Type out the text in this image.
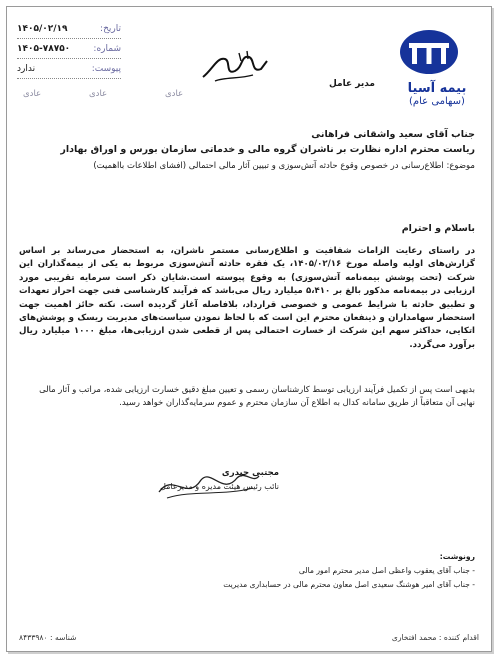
بیمه آسیا
(سهامی عام)
مدیر عامل
۱۴۰۵/۰۲/۱۹	تاریخ:
۱۴۰۵-۷۸۷۵۰	شماره:
ندارد	پیوست:
عادی	عادی	عادی
جناب آقای سعید واشقانی فراهانی
ریاست محترم اداره نظارت بر ناشران گروه مالی و خدماتی سازمان بورس و اوراق بهادار
موضوع: اطلاع‌رسانی در خصوص وقوع حادثه آتش‌سوزی و تبیین آثار مالی احتمالی (افشای اطلاعات بااهمیت)
باسلام و احترام
در راستای رعایت الزامات شفافیت و اطلاع‌رسانی مستمر ناشران، به استحضار می‌رساند بر اساس گزارش‌های اولیه واصله مورخ ۱۴۰۵/۰۲/۱۶، یک فقره حادثه آتش‌سوزی مربوط به یکی از بیمه‌گذاران این شرکت (تحت پوشش بیمه‌نامه آتش‌سوزی) به وقوع پیوسته است.شایان ذکر است سرمایه تقریبی مورد ارزیابی در بیمه‌نامه مذکور بالغ بر ۵،۴۱۰ میلیارد ریال می‌باشد که فرآیند کارشناسی فنی جهت احراز تعهدات و تطبیق حادثه با شرایط عمومی و خصوصی قرارداد، بلافاصله آغاز گردیده است. نکته حائز اهمیت جهت استحضار سهامداران و ذینفعان محترم این است که با لحاظ نمودن سیاست‌های مدیریت ریسک و پوشش‌های اتکایی، حداکثر سهم این شرکت از خسارت احتمالی پس از قطعی شدن ارزیابی‌ها، مبلغ ۱۰۰۰ میلیارد ریال برآورد می‌گردد.
بدیهی است پس از تکمیل فرآیند ارزیابی توسط کارشناسان رسمی و تعیین مبلغ دقیق خسارت ارزیابی شده، مراتب و آثار مالی نهایی آن متعاقباً از طریق سامانه کدال به اطلاع آن سازمان محترم و عموم سرمایه‌گذاران خواهد رسید.
مجتبی حیدری
نائب رئیس هیئت مدیره و مدیرعامل
رونوشت:
- جناب آقای یعقوب واعظی اصل مدیر محترم امور مالی
- جناب آقای امیر هوشنگ سعیدی اصل معاون محترم مالی در حسابداری مدیریت
شناسه : ۸۴۳۳۹۸۰	اقدام کننده : محمد افتخاری
